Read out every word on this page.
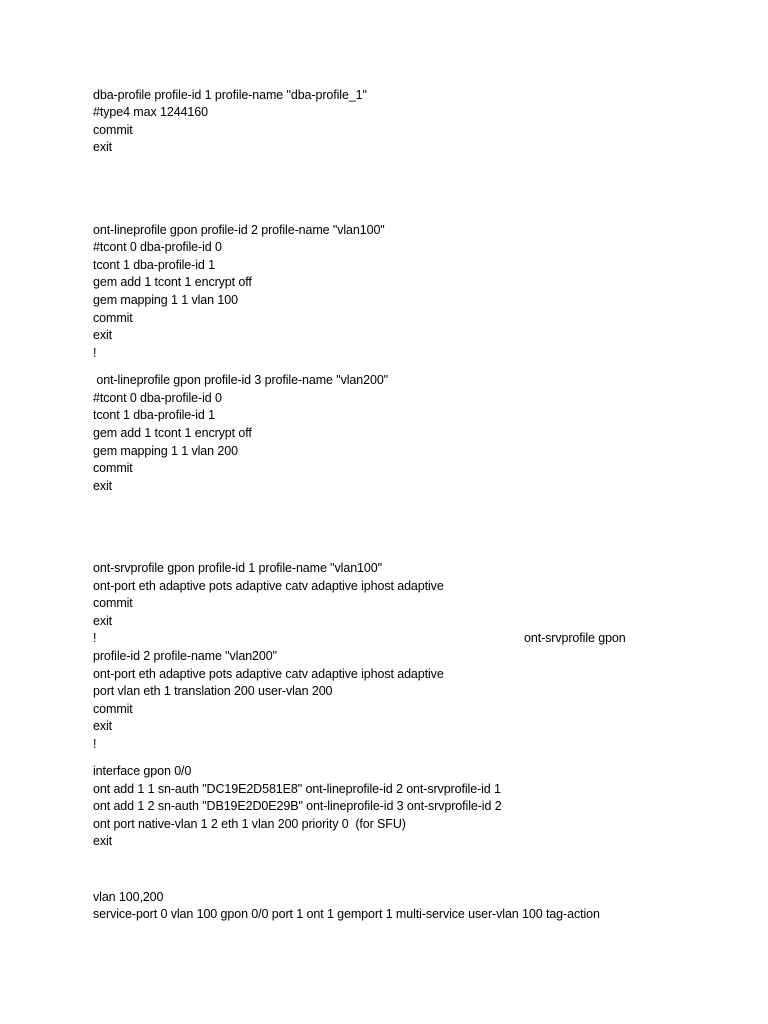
dba-profile profile-id 1 profile-name "dba-profile_1"
#type4 max 1244160
commit
exit
ont-lineprofile gpon profile-id 2 profile-name "vlan100"
#tcont 0 dba-profile-id 0
tcont 1 dba-profile-id 1
gem add 1 tcont 1 encrypt off
gem mapping 1 1 vlan 100
commit
exit
!
ont-lineprofile gpon profile-id 3 profile-name "vlan200"
#tcont 0 dba-profile-id 0
tcont 1 dba-profile-id 1
gem add 1 tcont 1 encrypt off
gem mapping 1 1 vlan 200
commit
exit
ont-srvprofile gpon profile-id 1 profile-name "vlan100"
ont-port eth adaptive pots adaptive catv adaptive iphost adaptive
commit
exit
!	ont-srvprofile gpon
profile-id 2 profile-name "vlan200"
ont-port eth adaptive pots adaptive catv adaptive iphost adaptive
port vlan eth 1 translation 200 user-vlan 200
commit
exit
!
interface gpon 0/0
ont add 1 1 sn-auth "DC19E2D581E8" ont-lineprofile-id 2 ont-srvprofile-id 1
ont add 1 2 sn-auth "DB19E2D0E29B" ont-lineprofile-id 3 ont-srvprofile-id 2
ont port native-vlan 1 2 eth 1 vlan 200 priority 0  (for SFU)
exit
vlan 100,200
service-port 0 vlan 100 gpon 0/0 port 1 ont 1 gemport 1 multi-service user-vlan 100 tag-action
